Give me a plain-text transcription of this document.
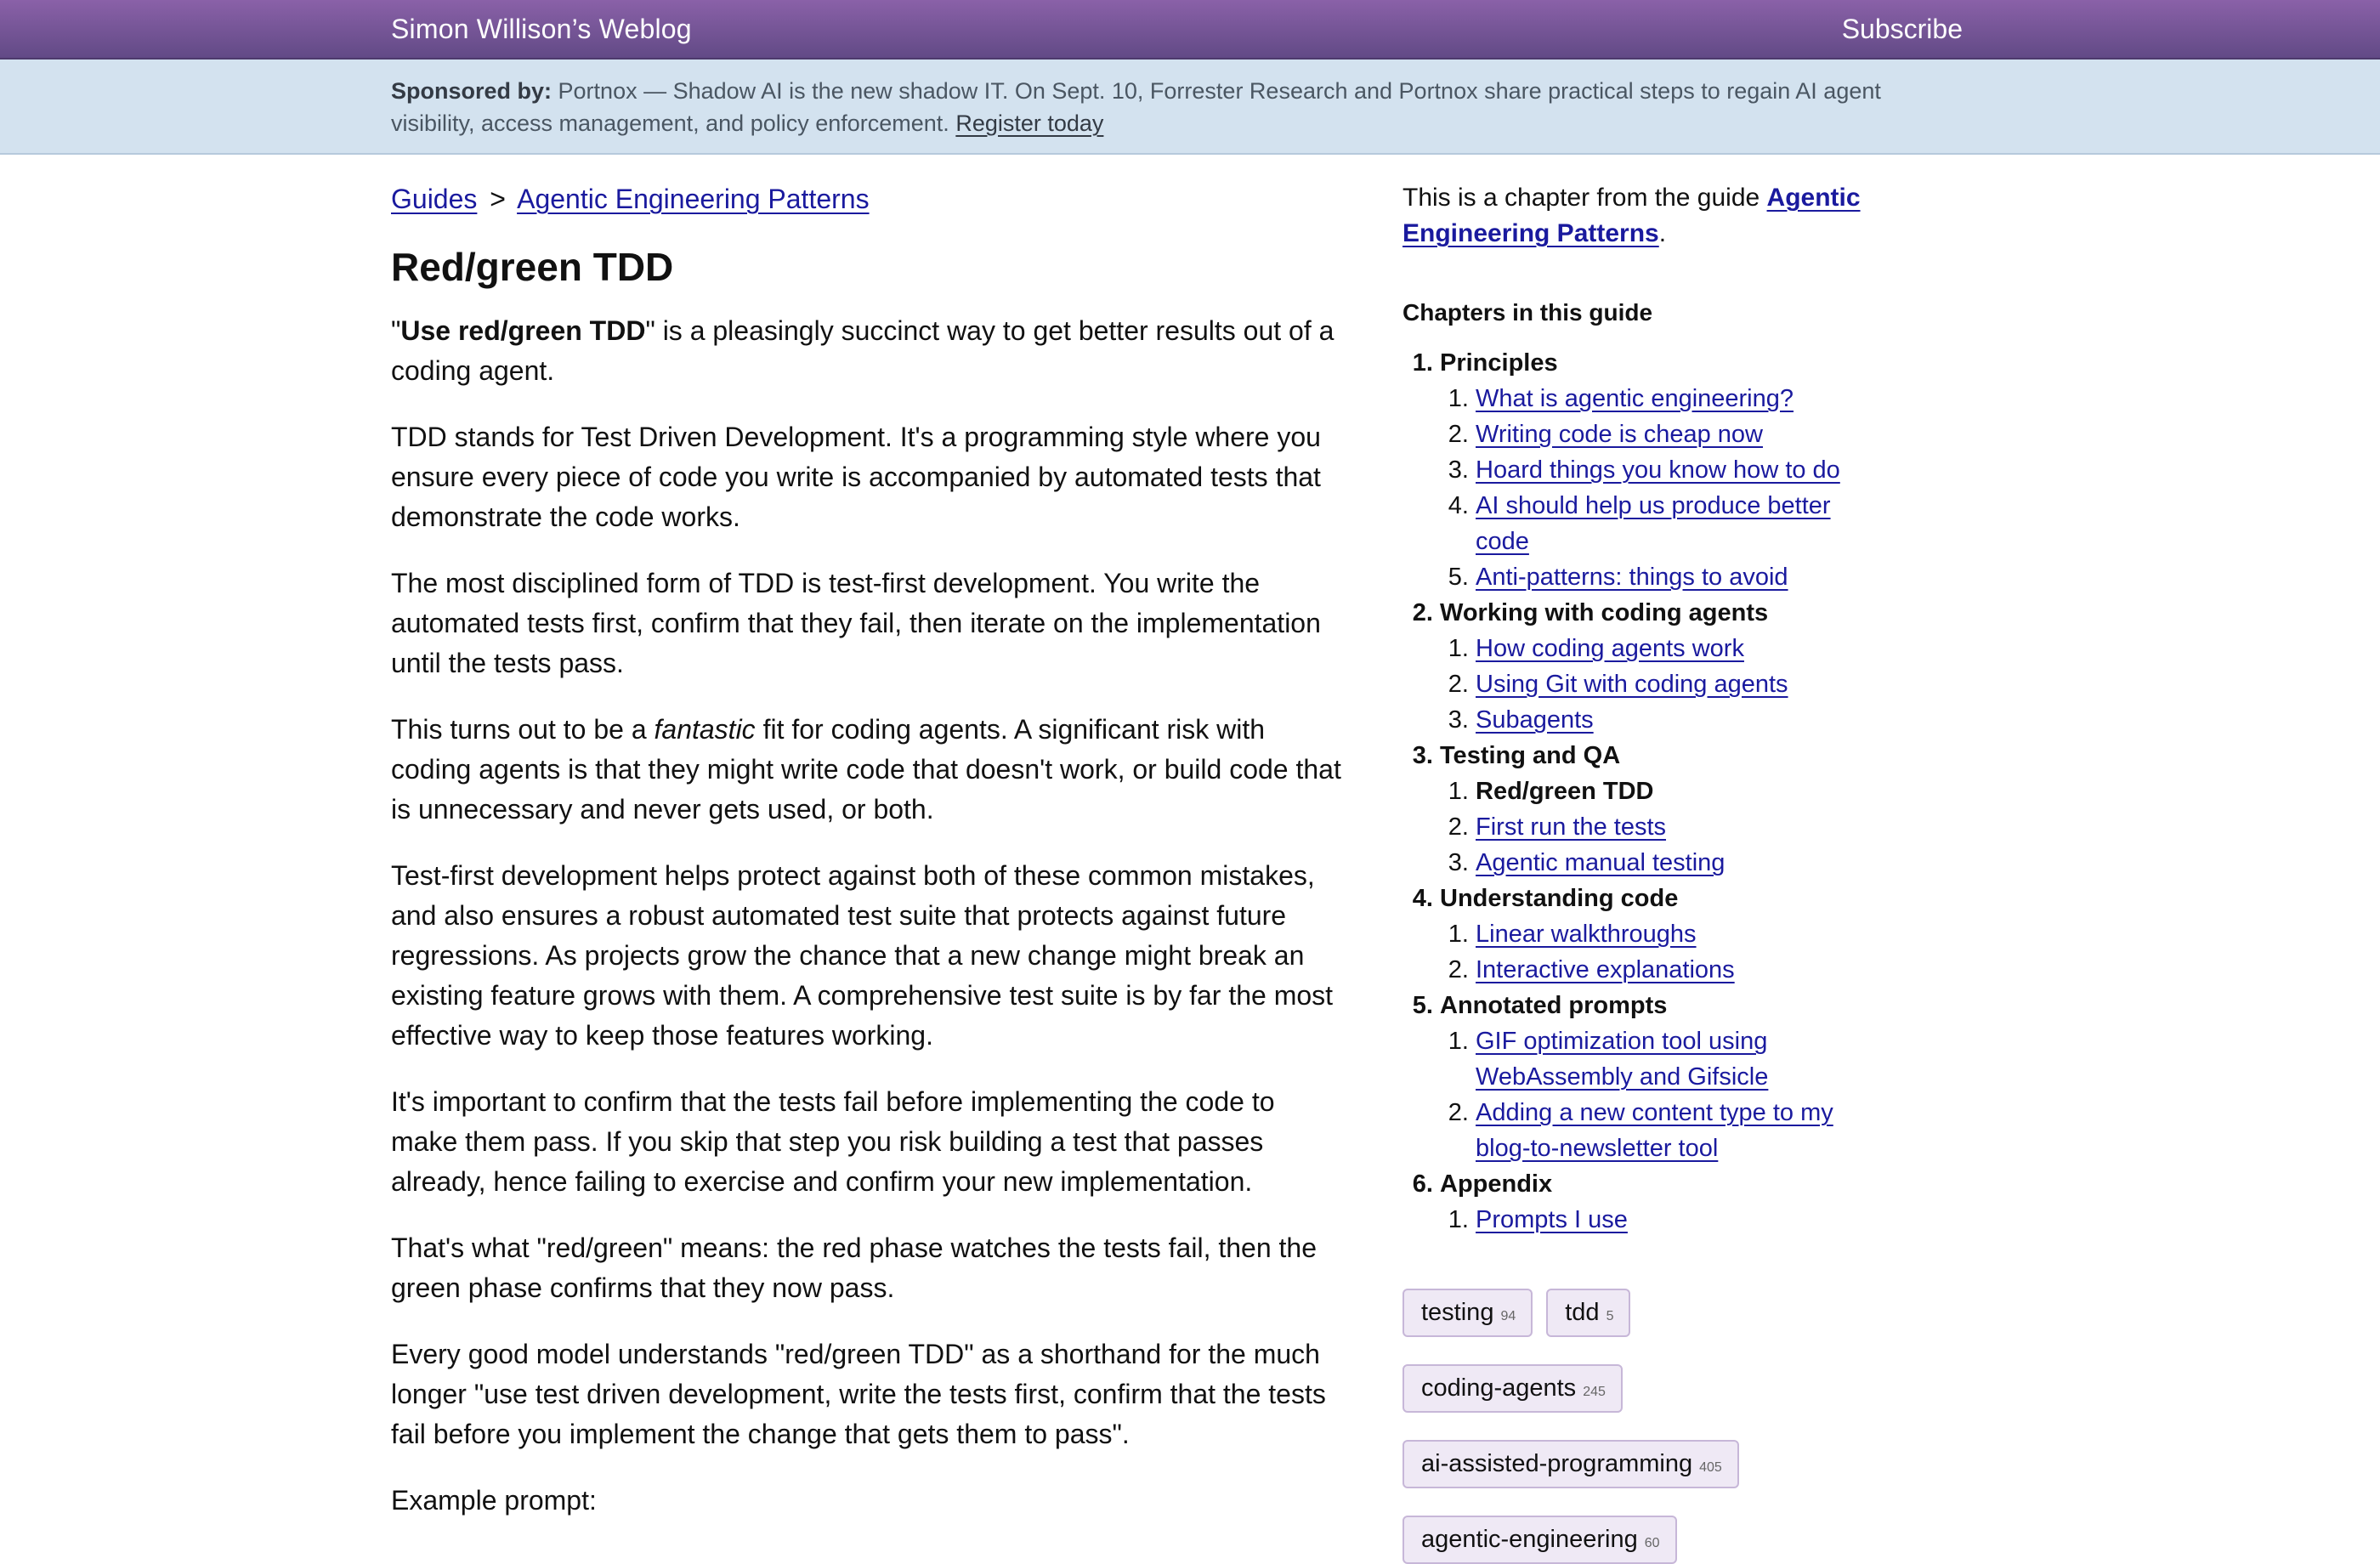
Simon Willison’s Weblog	Subscribe
Sponsored by: Portnox — Shadow AI is the new shadow IT. On Sept. 10, Forrester Research and Portnox share practical steps to regain AI agent visibility, access management, and policy enforcement. Register today
Guides > Agentic Engineering Patterns
Red/green TDD

"Use red/green TDD" is a pleasingly succinct way to get better results out of a coding agent.

TDD stands for Test Driven Development. It's a programming style where you ensure every piece of code you write is accompanied by automated tests that demonstrate the code works.

The most disciplined form of TDD is test-first development. You write the automated tests first, confirm that they fail, then iterate on the implementation until the tests pass.

This turns out to be a fantastic fit for coding agents. A significant risk with coding agents is that they might write code that doesn't work, or build code that is unnecessary and never gets used, or both.

Test-first development helps protect against both of these common mistakes, and also ensures a robust automated test suite that protects against future regressions. As projects grow the chance that a new change might break an existing feature grows with them. A comprehensive test suite is by far the most effective way to keep those features working.

It's important to confirm that the tests fail before implementing the code to make them pass. If you skip that step you risk building a test that passes already, hence failing to exercise and confirm your new implementation.

That's what "red/green" means: the red phase watches the tests fail, then the green phase confirms that they now pass.

Every good model understands "red/green TDD" as a shorthand for the much longer "use test driven development, write the tests first, confirm that the tests fail before you implement the change that gets them to pass".

Example prompt:

This is a chapter from the guide Agentic Engineering Patterns.
Chapters in this guide
1. Principles
1. What is agentic engineering?
2. Writing code is cheap now
3. Hoard things you know how to do
4. AI should help us produce better code
5. Anti-patterns: things to avoid
2. Working with coding agents
1. How coding agents work
2. Using Git with coding agents
3. Subagents
3. Testing and QA
1. Red/green TDD
2. First run the tests
3. Agentic manual testing
4. Understanding code
1. Linear walkthroughs
2. Interactive explanations
5. Annotated prompts
1. GIF optimization tool using WebAssembly and Gifsicle
2. Adding a new content type to my blog-to-newsletter tool
6. Appendix
1. Prompts I use
testing 94 tdd 5
coding-agents 245
ai-assisted-programming 405
agentic-engineering 60
